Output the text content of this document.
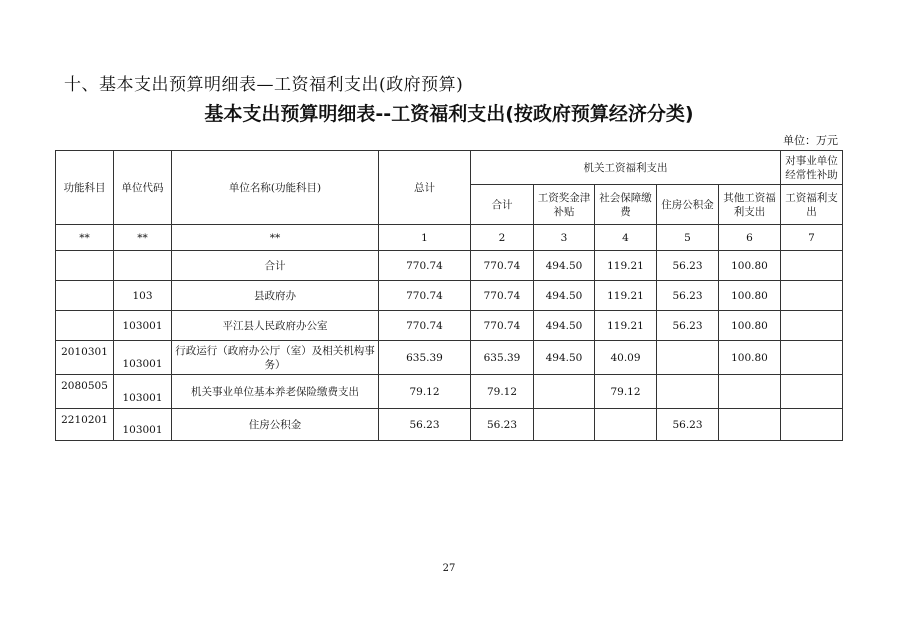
十、基本支出预算明细表—工资福利支出(政府预算)
基本支出预算明细表--工资福利支出(按政府预算经济分类)
单位：万元
功能科目	单位代码	单位名称(功能科目)	总计	机关工资福利支出					对事业单位经常性补助
				合计	工资奖金津补贴	社会保障缴费	住房公积金	其他工资福利支出	工资福利支出
**	**	**	1	2	3	4	5	6	7
		合计	770.74	770.74	494.50	119.21	56.23	100.80	
	103	县政府办	770.74	770.74	494.50	119.21	56.23	100.80	
	103001	平江县人民政府办公室	770.74	770.74	494.50	119.21	56.23	100.80	
2010301	103001	行政运行（政府办公厅（室）及相关机构事务）	635.39	635.39	494.50	40.09		100.80	
2080505	103001	机关事业单位基本养老保险缴费支出	79.12	79.12		79.12			
2210201	103001	住房公积金	56.23	56.23			56.23		
27
